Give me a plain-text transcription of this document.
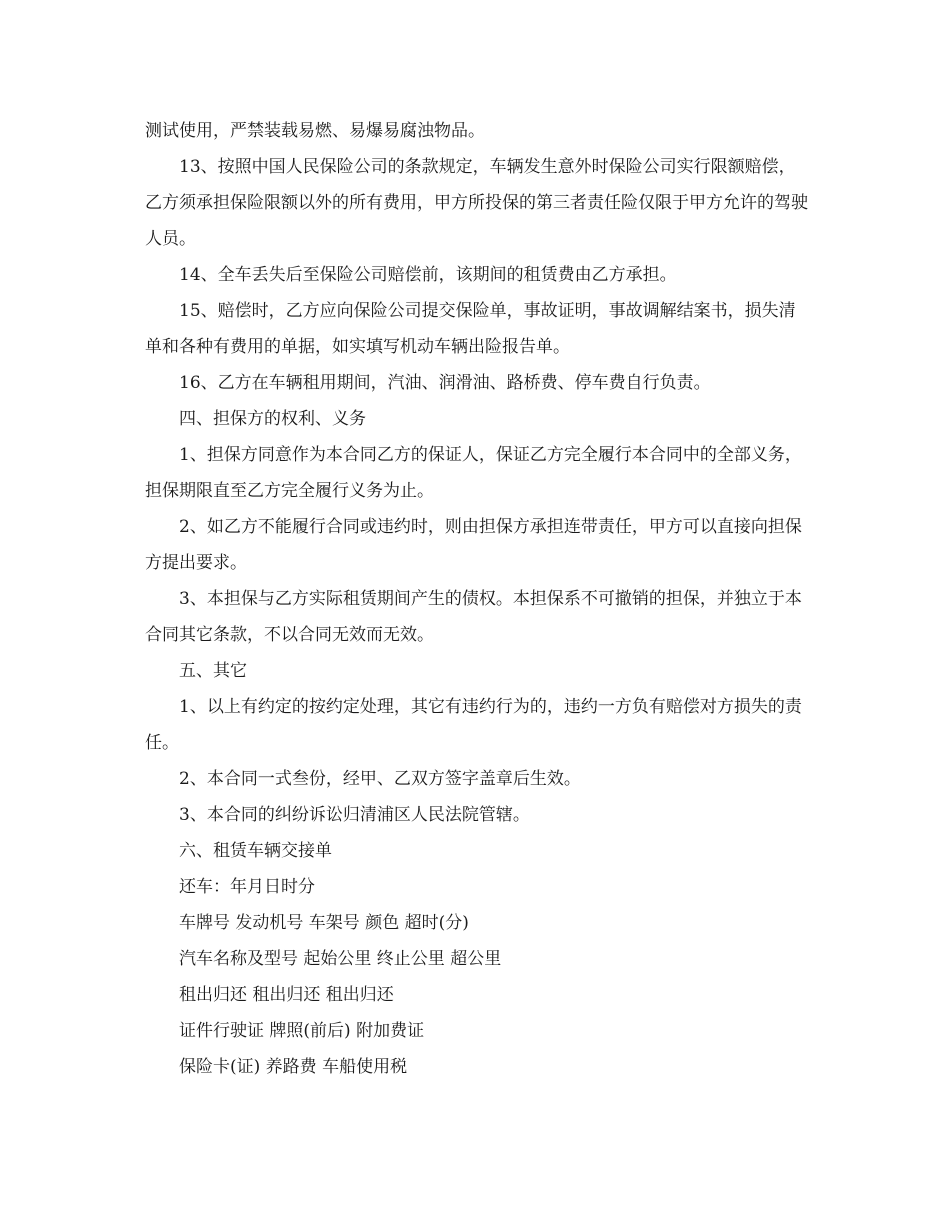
测试使用，严禁装载易燃、易爆易腐浊物品。

13、按照中国人民保险公司的条款规定，车辆发生意外时保险公司实行限额赔偿，乙方须承担保险限额以外的所有费用，甲方所投保的第三者责任险仅限于甲方允许的驾驶人员。

14、全车丢失后至保险公司赔偿前，该期间的租赁费由乙方承担。

15、赔偿时，乙方应向保险公司提交保险单，事故证明，事故调解结案书，损失清单和各种有费用的单据，如实填写机动车辆出险报告单。

16、乙方在车辆租用期间，汽油、润滑油、路桥费、停车费自行负责。

四、担保方的权利、义务

1、担保方同意作为本合同乙方的保证人，保证乙方完全履行本合同中的全部义务，担保期限直至乙方完全履行义务为止。

2、如乙方不能履行合同或违约时，则由担保方承担连带责任，甲方可以直接向担保方提出要求。

3、本担保与乙方实际租赁期间产生的债权。本担保系不可撤销的担保，并独立于本合同其它条款，不以合同无效而无效。

五、其它

1、以上有约定的按约定处理，其它有违约行为的，违约一方负有赔偿对方损失的责任。

2、本合同一式叁份，经甲、乙双方签字盖章后生效。

3、本合同的纠纷诉讼归清浦区人民法院管辖。

六、租赁车辆交接单

还车：年月日时分

车牌号 发动机号 车架号 颜色 超时(分)

汽车名称及型号 起始公里 终止公里 超公里

租出归还 租出归还 租出归还

证件行驶证 牌照(前后) 附加费证

保险卡(证) 养路费 车船使用税
